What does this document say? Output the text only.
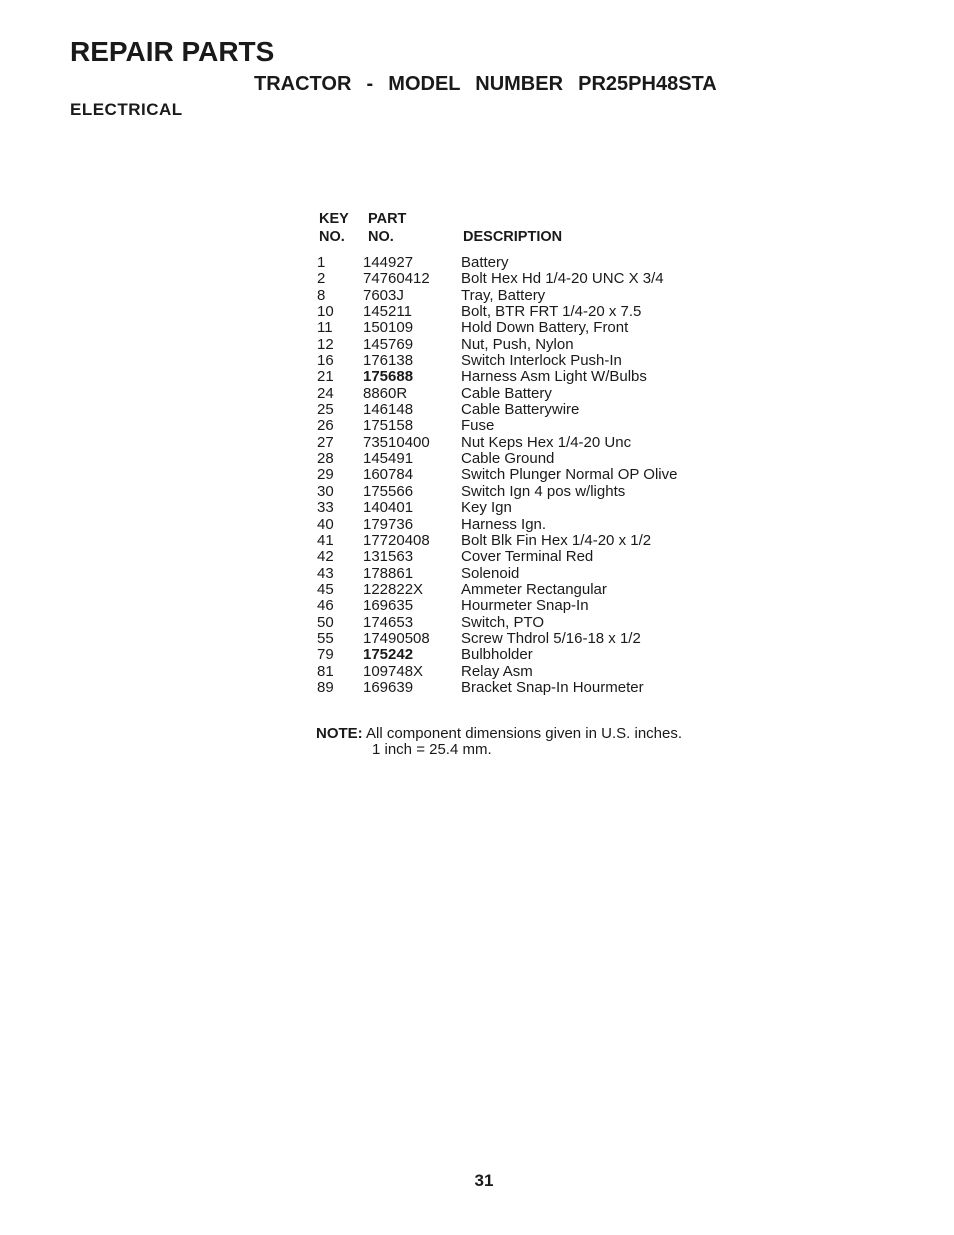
REPAIR PARTS
TRACTOR  -  MODEL  NUMBER  PR25PH48STA
ELECTRICAL
KEY
NO.
PART
NO.	DESCRIPTION
1	144927	Battery
2	74760412 Bolt Hex Hd 1/4-20 UNC X 3/4
8	7603J	Tray, Battery
10 145211	Bolt, BTR FRT 1/4-20 x 7.5
11 150109	Hold Down Battery, Front
12 145769	Nut, Push, Nylon
16 176138	Switch Interlock Push-In
21 175688	Harness Asm Light W/Bulbs
24 8860R	Cable Battery
25 146148	Cable Batterywire
26 175158	Fuse
27 73510400 Nut Keps Hex 1/4-20 Unc
28 145491	Cable Ground
29 160784	Switch Plunger Normal OP Olive
30 175566	Switch Ign 4 pos w/lights
33 140401	Key Ign
40 179736	Harness Ign.
41 17720408 Bolt Blk Fin Hex 1/4-20 x 1/2
42 131563	Cover Terminal Red
43 178861	Solenoid
45 122822X	Ammeter Rectangular
46 169635	Hourmeter Snap-In
50 174653	Switch, PTO
55 17490508 Screw Thdrol 5/16-18 x 1/2
79 175242	Bulbholder
81 109748X	Relay Asm
89 169639	Bracket Snap-In Hourmeter
NOTE: All component dimensions given in U.S. inches.
1 inch = 25.4 mm.
31
